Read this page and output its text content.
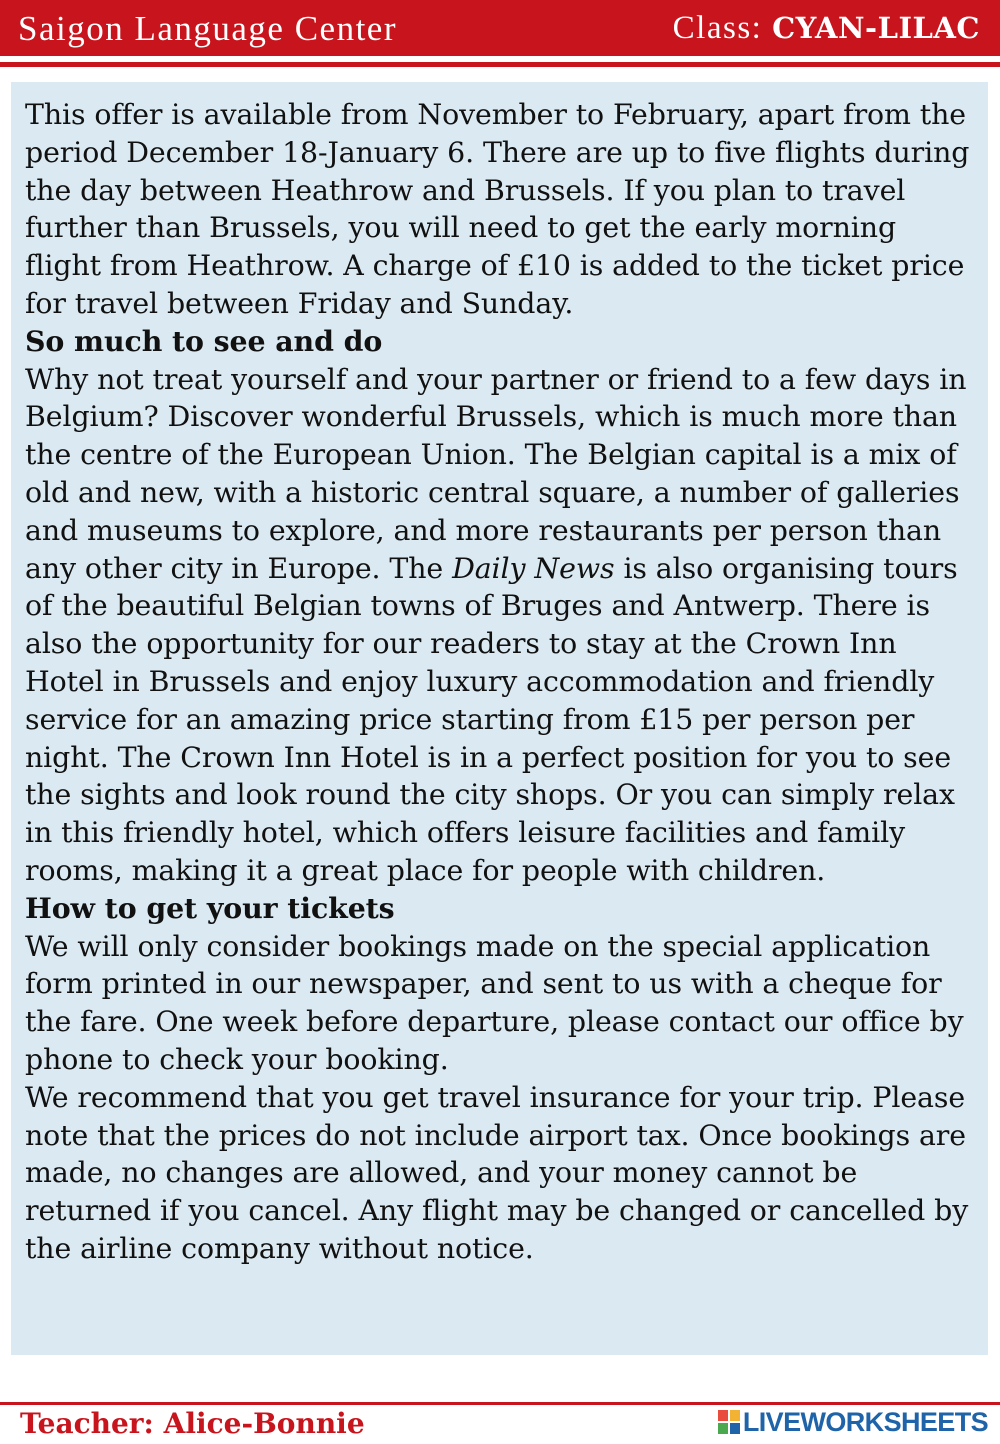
Saigon Language Center	Class: CYAN-LILAC

This offer is available from November to February, apart from the period December 18-January 6. There are up to five flights during the day between Heathrow and Brussels. If you plan to travel further than Brussels, you will need to get the early morning flight from Heathrow. A charge of £10 is added to the ticket price for travel between Friday and Sunday.

So much to see and do

Why not treat yourself and your partner or friend to a few days in Belgium? Discover wonderful Brussels, which is much more than the centre of the European Union. The Belgian capital is a mix of old and new, with a historic central square, a number of galleries and museums to explore, and more restaurants per person than any other city in Europe. The Daily News is also organising tours of the beautiful Belgian towns of Bruges and Antwerp. There is also the opportunity for our readers to stay at the Crown Inn Hotel in Brussels and enjoy luxury accommodation and friendly service for an amazing price starting from £15 per person per night. The Crown Inn Hotel is in a perfect position for you to see the sights and look round the city shops. Or you can simply relax in this friendly hotel, which offers leisure facilities and family rooms, making it a great place for people with children.

How to get your tickets

We will only consider bookings made on the special application form printed in our newspaper, and sent to us with a cheque for the fare. One week before departure, please contact our office by phone to check your booking.

We recommend that you get travel insurance for your trip. Please note that the prices do not include airport tax. Once bookings are made, no changes are allowed, and your money cannot be returned if you cancel. Any flight may be changed or cancelled by the airline company without notice.

Teacher: Alice-Bonnie	LIVEWORKSHEETS
